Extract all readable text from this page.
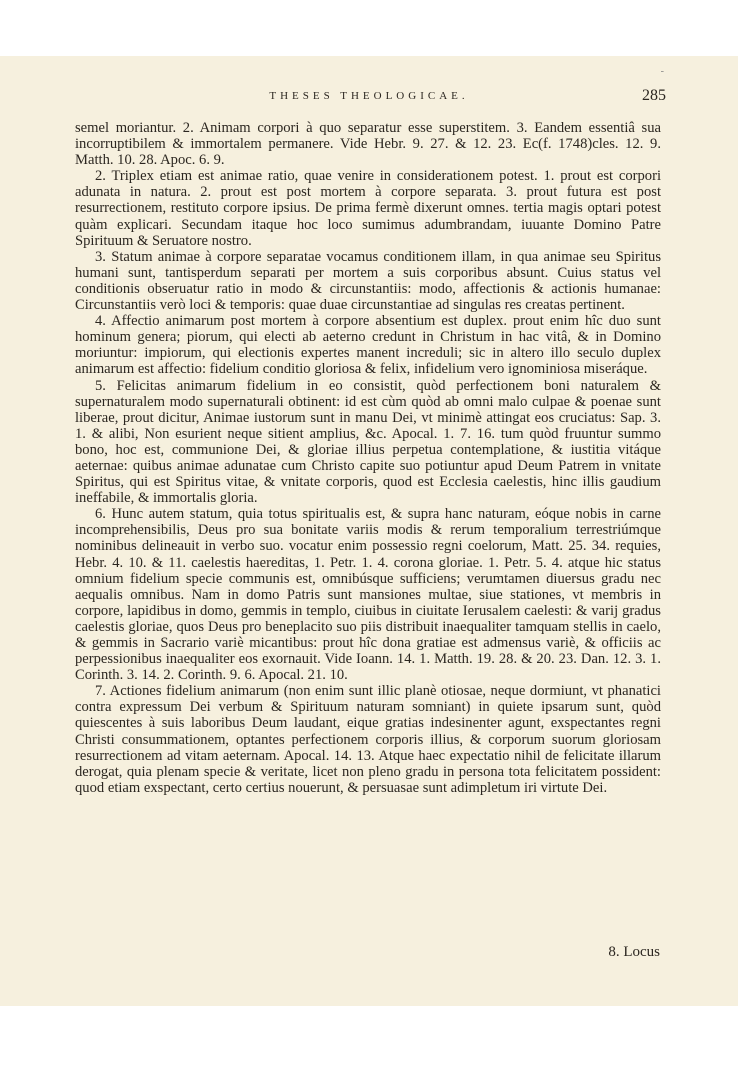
-
THESES THEOLOGICAE.	285

semel moriantur. 2. Animam corpori à quo separatur esse superstitem. 3. Eandem essentiâ sua incorruptibilem & immortalem permanere. Vide Hebr. 9. 27. & 12. 23. Ec(f. 1748)cles. 12. 9. Matth. 10. 28. Apoc. 6. 9.

2. Triplex etiam est animae ratio, quae venire in considerationem potest. 1. prout est corpori adunata in natura. 2. prout est post mortem à corpore separata. 3. prout futura est post resurrectionem, restituto corpore ipsius. De prima fermè dixerunt omnes. tertia magis optari potest quàm explicari. Secundam itaque hoc loco sumimus adumbrandam, iuuante Domino Patre Spirituum & Seruatore nostro.

3. Statum animae à corpore separatae vocamus conditionem illam, in qua animae seu Spiritus humani sunt, tantisperdum separati per mortem a suis corporibus absunt. Cuius status vel conditionis obseruatur ratio in modo & circunstantiis: modo, affectionis & actionis humanae: Circunstantiis verò loci & temporis: quae duae circunstantiae ad singulas res creatas pertinent.

4. Affectio animarum post mortem à corpore absentium est duplex. prout enim hîc duo sunt hominum genera; piorum, qui electi ab aeterno credunt in Christum in hac vitâ, & in Domino moriuntur: impiorum, qui electionis expertes manent increduli; sic in altero illo seculo duplex animarum est affectio: fidelium conditio gloriosa & felix, infidelium vero ignominiosa miseráque.

5. Felicitas animarum fidelium in eo consistit, quòd perfectionem boni naturalem & supernaturalem modo supernaturali obtinent: id est cùm quòd ab omni malo culpae & poenae sunt liberae, prout dicitur, Animae iustorum sunt in manu Dei, vt minimè attingat eos cruciatus: Sap. 3. 1. & alibi, Non esurient neque sitient amplius, &c. Apocal. 1. 7. 16. tum quòd fruuntur summo bono, hoc est, communione Dei, & gloriae illius perpetua contemplatione, & iustitia vitáque aeternae: quibus animae adunatae cum Christo capite suo potiuntur apud Deum Patrem in vnitate Spiritus, qui est Spiritus vitae, & vnitate corporis, quod est Ecclesia caelestis, hinc illis gaudium ineffabile, & immortalis gloria.

6. Hunc autem statum, quia totus spiritualis est, & supra hanc naturam, eóque nobis in carne incomprehensibilis, Deus pro sua bonitate variis modis & rerum temporalium terrestriúmque nominibus delineauit in verbo suo. vocatur enim possessio regni coelorum, Matt. 25. 34. requies, Hebr. 4. 10. & 11. caelestis haereditas, 1. Petr. 1. 4. corona gloriae. 1. Petr. 5. 4. atque hic status omnium fidelium specie communis est, omnibúsque sufficiens; verumtamen diuersus gradu nec aequalis omnibus. Nam in domo Patris sunt mansiones multae, siue stationes, vt membris in corpore, lapidibus in domo, gemmis in templo, ciuibus in ciuitate Ierusalem caelesti: & varij gradus caelestis gloriae, quos Deus pro beneplacito suo piis distribuit inaequaliter tamquam stellis in caelo, & gemmis in Sacrario variè micantibus: prout hîc dona gratiae est admensus variè, & officiis ac perpessionibus inaequaliter eos exornauit. Vide Ioann. 14. 1. Matth. 19. 28. & 20. 23. Dan. 12. 3. 1. Corinth. 3. 14. 2. Corinth. 9. 6. Apocal. 21. 10.

7. Actiones fidelium animarum (non enim sunt illic planè otiosae, neque dormiunt, vt phanatici contra expressum Dei verbum & Spirituum naturam somniant) in quiete ipsarum sunt, quòd quiescentes à suis laboribus Deum laudant, eique gratias indesinenter agunt, exspectantes regni Christi consummationem, optantes perfectionem corporis illius, & corporum suorum gloriosam resurrectionem ad vitam aeternam. Apocal. 14. 13. Atque haec expectatio nihil de felicitate illarum derogat, quia plenam specie & veritate, licet non pleno gradu in persona tota felicitatem possident: quod etiam exspectant, certo certius nouerunt, & persuasae sunt adimpletum iri virtute Dei.

8. Locus
